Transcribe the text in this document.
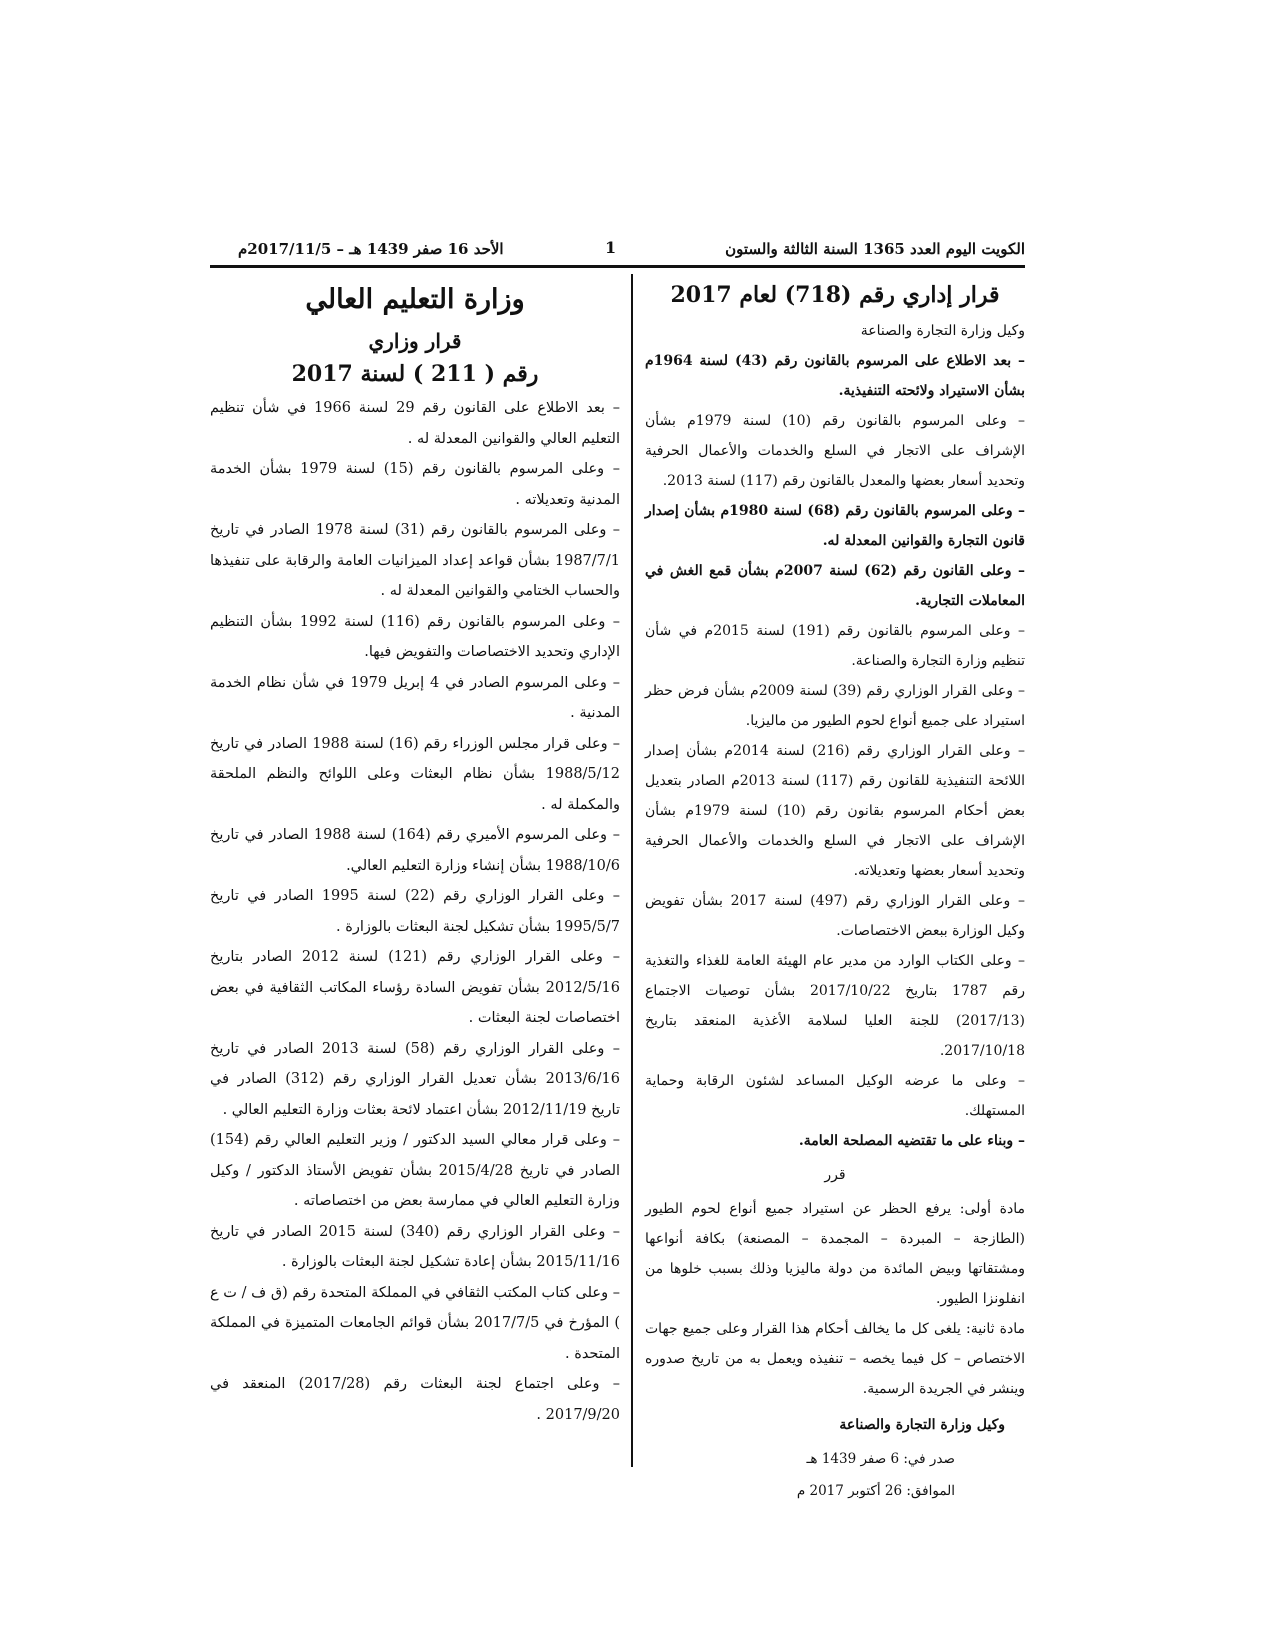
الكويت اليوم العدد 1365 السنة الثالثة والستون
1
الأحد 16 صفر 1439 هـ – 2017/11/5م
قرار إداري رقم (718) لعام 2017

وكيل وزارة التجارة والصناعة

– بعد الاطلاع على المرسوم بالقانون رقم (43) لسنة 1964م بشأن الاستيراد ولائحته التنفيذية.

– وعلى المرسوم بالقانون رقم (10) لسنة 1979م بشأن الإشراف على الاتجار في السلع والخدمات والأعمال الحرفية وتحديد أسعار بعضها والمعدل بالقانون رقم (117) لسنة 2013.

– وعلى المرسوم بالقانون رقم (68) لسنة 1980م بشأن إصدار قانون التجارة والقوانين المعدلة له.

– وعلى القانون رقم (62) لسنة 2007م بشأن قمع الغش في المعاملات التجارية.

– وعلى المرسوم بالقانون رقم (191) لسنة 2015م في شأن تنظيم وزارة التجارة والصناعة.

– وعلى القرار الوزاري رقم (39) لسنة 2009م بشأن فرض حظر استيراد على جميع أنواع لحوم الطيور من ماليزيا.

– وعلى القرار الوزاري رقم (216) لسنة 2014م بشأن إصدار اللائحة التنفيذية للقانون رقم (117) لسنة 2013م الصادر بتعديل بعض أحكام المرسوم بقانون رقم (10) لسنة 1979م بشأن الإشراف على الاتجار في السلع والخدمات والأعمال الحرفية وتحديد أسعار بعضها وتعديلاته.

– وعلى القرار الوزاري رقم (497) لسنة 2017 بشأن تفويض وكيل الوزارة ببعض الاختصاصات.

– وعلى الكتاب الوارد من مدير عام الهيئة العامة للغذاء والتغذية رقم 1787 بتاريخ 2017/10/22 بشأن توصيات الاجتماع (2017/13) للجنة العليا لسلامة الأغذية المنعقد بتاريخ 2017/10/18.

– وعلى ما عرضه الوكيل المساعد لشئون الرقابة وحماية المستهلك.

– وبناء على ما تقتضيه المصلحة العامة.

قرر

مادة أولى: يرفع الحظر عن استيراد جميع أنواع لحوم الطيور (الطازجة – المبردة – المجمدة – المصنعة) بكافة أنواعها ومشتقاتها وبيض المائدة من دولة ماليزيا وذلك بسبب خلوها من انفلونزا الطيور.

مادة ثانية: يلغى كل ما يخالف أحكام هذا القرار وعلى جميع جهات الاختصاص – كل فيما يخصه – تنفيذه ويعمل به من تاريخ صدوره وينشر في الجريدة الرسمية.

وكيل وزارة التجارة والصناعة
صدر في: 6 صفر 1439 هـ
الموافق: 26 أكتوبر 2017 م
وزارة التعليم العالي
قرار وزاري
رقم ( 211 ) لسنة 2017

– بعد الاطلاع على القانون رقم 29 لسنة 1966 في شأن تنظيم التعليم العالي والقوانين المعدلة له .

– وعلى المرسوم بالقانون رقم (15) لسنة 1979 بشأن الخدمة المدنية وتعديلاته .

– وعلى المرسوم بالقانون رقم (31) لسنة 1978 الصادر في تاريخ 1987/7/1 بشأن قواعد إعداد الميزانيات العامة والرقابة على تنفيذها والحساب الختامي والقوانين المعدلة له .

– وعلى المرسوم بالقانون رقم (116) لسنة 1992 بشأن التنظيم الإداري وتحديد الاختصاصات والتفويض فيها.

– وعلى المرسوم الصادر في 4 إبريل 1979 في شأن نظام الخدمة المدنية .

– وعلى قرار مجلس الوزراء رقم (16) لسنة 1988 الصادر في تاريخ 1988/5/12 بشأن نظام البعثات وعلى اللوائح والنظم الملحقة والمكملة له .

– وعلى المرسوم الأميري رقم (164) لسنة 1988 الصادر في تاريخ 1988/10/6 بشأن إنشاء وزارة التعليم العالي.

– وعلى القرار الوزاري رقم (22) لسنة 1995 الصادر في تاريخ 1995/5/7 بشأن تشكيل لجنة البعثات بالوزارة .

– وعلى القرار الوزاري رقم (121) لسنة 2012 الصادر بتاريخ 2012/5/16 بشأن تفويض السادة رؤساء المكاتب الثقافية في بعض اختصاصات لجنة البعثات .

– وعلى القرار الوزاري رقم (58) لسنة 2013 الصادر في تاريخ 2013/6/16 بشأن تعديل القرار الوزاري رقم (312) الصادر في تاريخ 2012/11/19 بشأن اعتماد لائحة بعثات وزارة التعليم العالي .

– وعلى قرار معالي السيد الدكتور / وزير التعليم العالي رقم (154) الصادر في تاريخ 2015/4/28 بشأن تفويض الأستاذ الدكتور / وكيل وزارة التعليم العالي في ممارسة بعض من اختصاصاته .

– وعلى القرار الوزاري رقم (340) لسنة 2015 الصادر في تاريخ 2015/11/16 بشأن إعادة تشكيل لجنة البعثات بالوزارة .

– وعلى كتاب المكتب الثقافي في المملكة المتحدة رقم (ق ف / ت ع ) المؤرخ في 2017/7/5 بشأن قوائم الجامعات المتميزة في المملكة المتحدة .

– وعلى اجتماع لجنة البعثات رقم (2017/28) المنعقد في 2017/9/20 .
